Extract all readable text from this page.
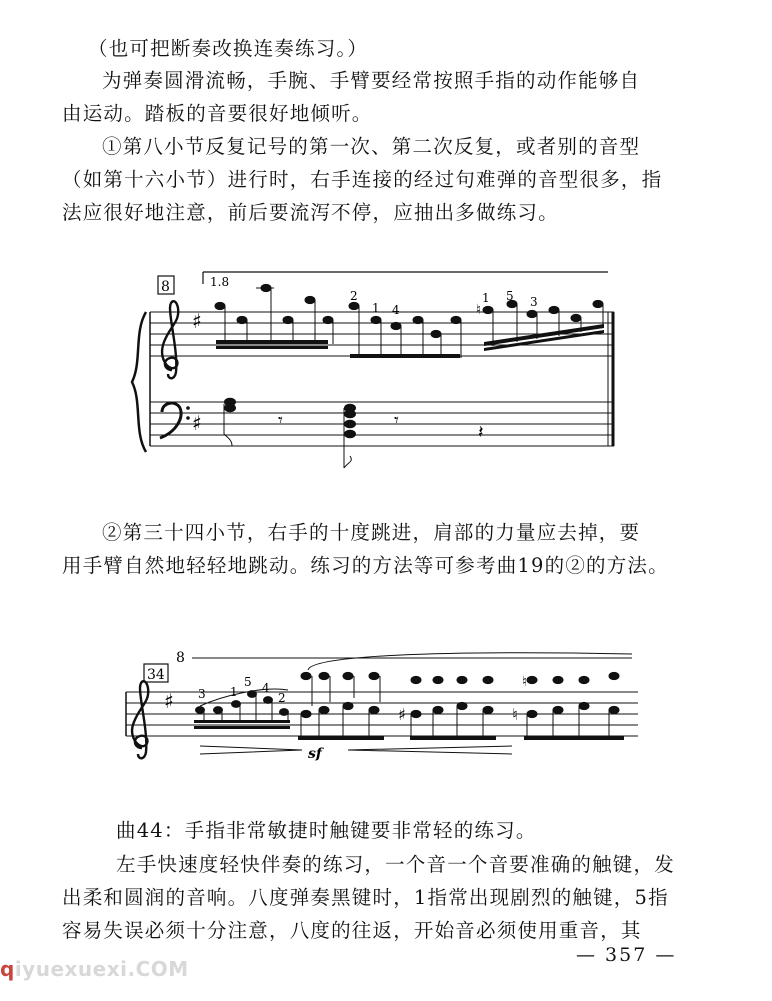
（也可把断奏改换连奏练习。）
为弹奏圆滑流畅，手腕、手臂要经常按照手指的动作能够自
由运动。踏板的音要很好地倾听。
①第八小节反复记号的第一次、第二次反复，或者别的音型
（如第十六小节）进行时，右手连接的经过句难弹的音型很多，指
法应很好地注意，前后要流泻不停，应抽出多做练习。
1.8
8
♯
♯
♮
2
1 4
1 5 3
𝄾	𝄾
𝄽
②第三十四小节，右手的十度跳进，肩部的力量应去掉，要
用手臂自然地轻轻地跳动。练习的方法等可参考曲19的②的方法。
8
34
♯ 3 1
5 4
2
♯	♮
♮
sf
曲44：手指非常敏捷时触键要非常轻的练习。
左手快速度轻快伴奏的练习，一个音一个音要准确的触键，发
出柔和圆润的音响。八度弹奏黑键时，1指常出现剧烈的触键，5指
容易失误必须十分注意，八度的往返，开始音必须使用重音，其
— 357 —
qiyuexuexi.COM
